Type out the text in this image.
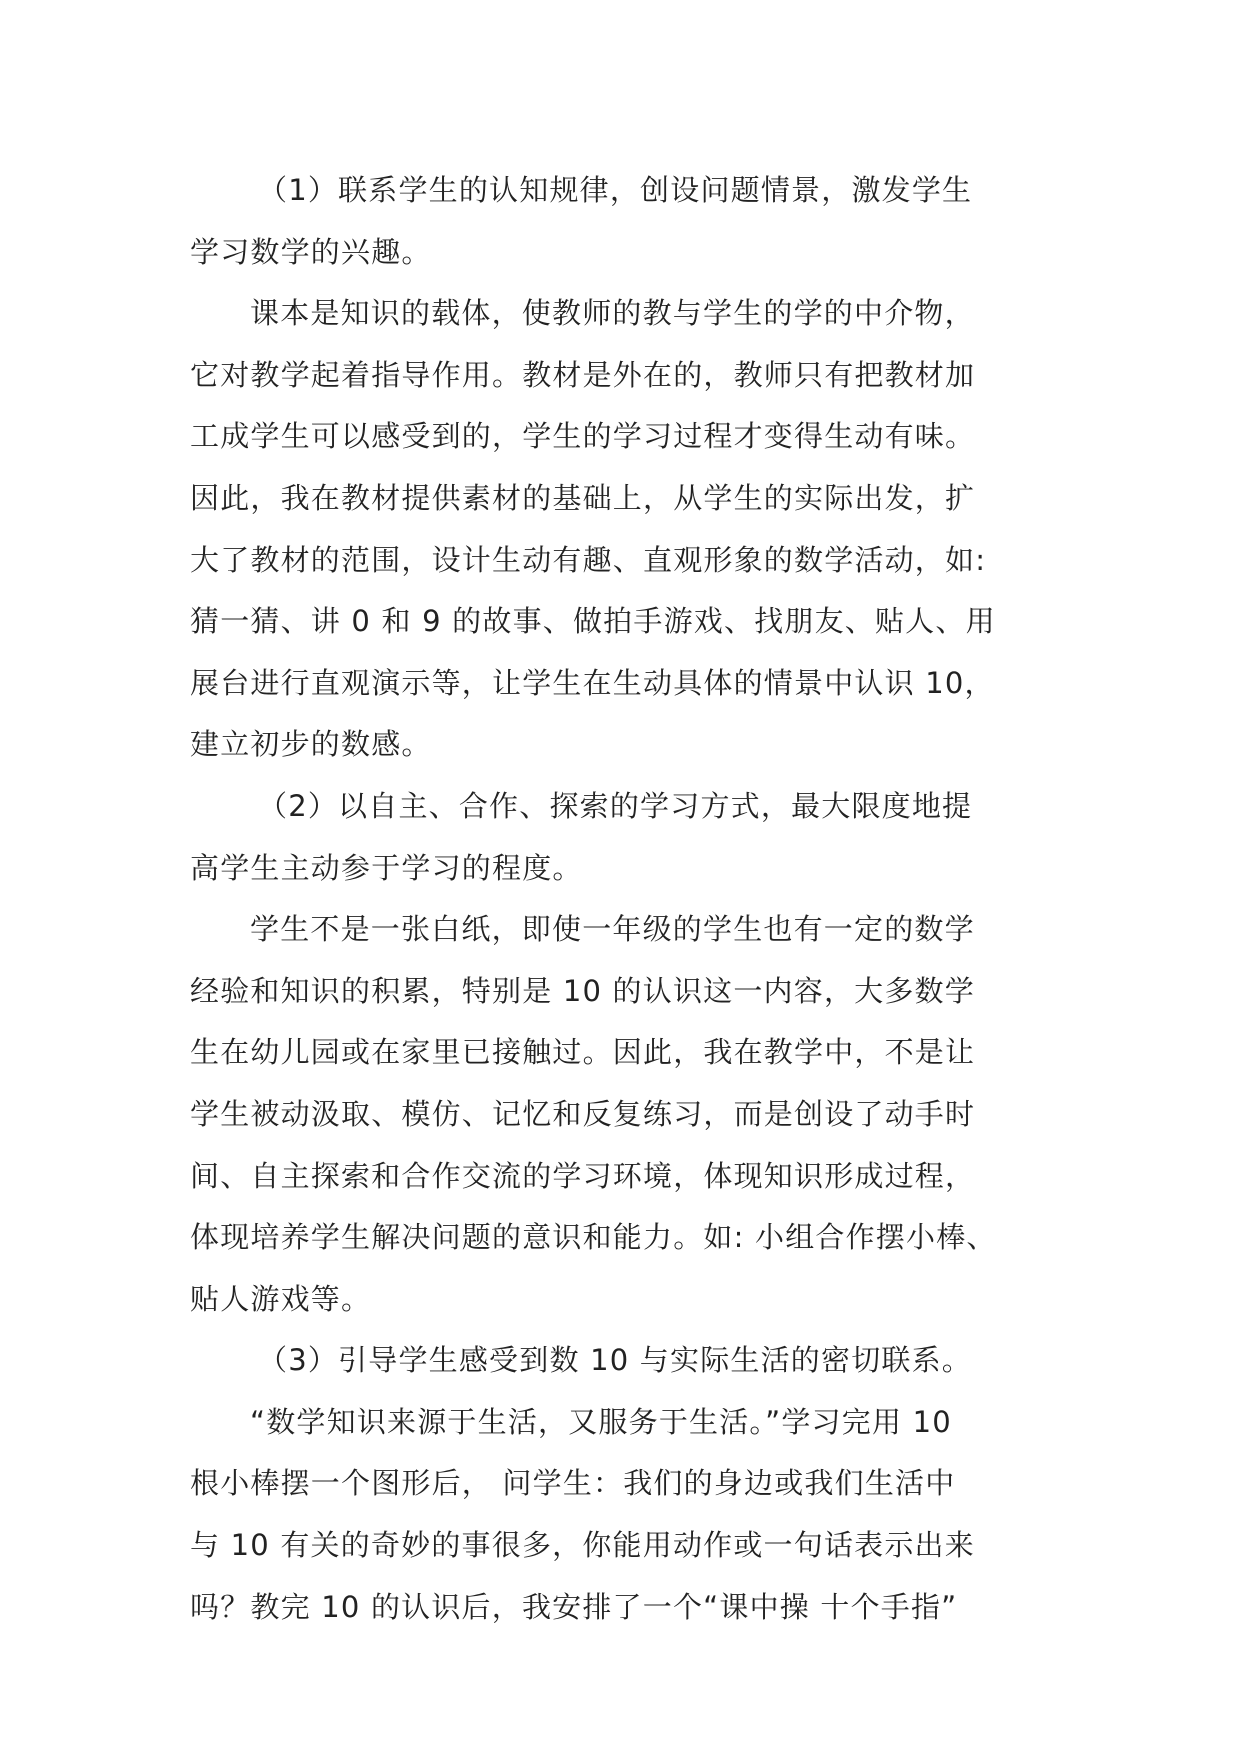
（1）联系学生的认知规律，创设问题情景，激发学生
学习数学的兴趣。
课本是知识的载体，使教师的教与学生的学的中介物，
它对教学起着指导作用。教材是外在的，教师只有把教材加
工成学生可以感受到的，学生的学习过程才变得生动有味。
因此，我在教材提供素材的基础上，从学生的实际出发，扩
大了教材的范围，设计生动有趣、直观形象的数学活动，如:
猜一猜、讲 0 和 9 的故事、做拍手游戏、找朋友、贴人、用
展台进行直观演示等，让学生在生动具体的情景中认识 10，
建立初步的数感。
（2）以自主、合作、探索的学习方式，最大限度地提
高学生主动参于学习的程度。
学生不是一张白纸，即使一年级的学生也有一定的数学
经验和知识的积累，特别是 10 的认识这一内容，大多数学
生在幼儿园或在家里已接触过。因此，我在教学中，不是让
学生被动汲取、模仿、记忆和反复练习，而是创设了动手时
间、自主探索和合作交流的学习环境，体现知识形成过程，
体现培养学生解决问题的意识和能力。如: 小组合作摆小棒、
贴人游戏等。
（3）引导学生感受到数 10 与实际生活的密切联系。
“数学知识来源于生活，又服务于生活。”学习完用 10
根小棒摆一个图形后， 问学生：我们的身边或我们生活中
与 10 有关的奇妙的事很多，你能用动作或一句话表示出来
吗？教完 10 的认识后，我安排了一个“课中操 十个手指”
